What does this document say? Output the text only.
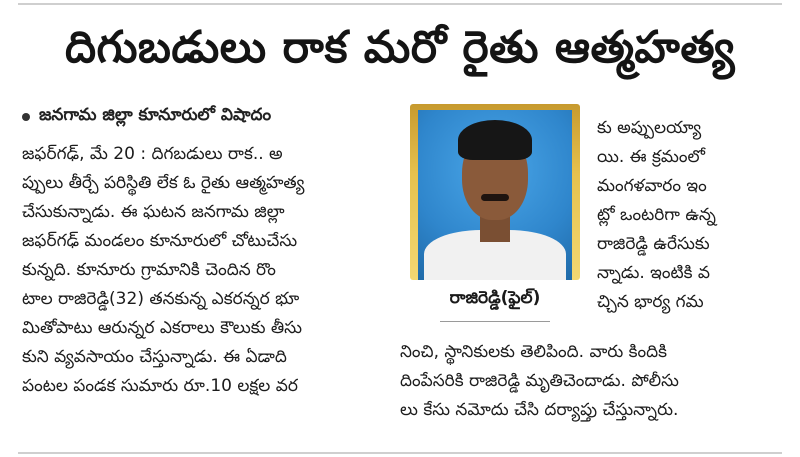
దిగుబడులు రాక మరో రైతు ఆత్మహత్య
జనగామ జిల్లా కూనూరులో విషాదం
జఫర్‌గఢ్, మే 20 : దిగబడులు రాక.. అ
ప్పులు తీర్చే పరిస్థితి లేక ఓ రైతు ఆత్మహత్య
చేసుకున్నాడు. ఈ ఘటన జనగామ జిల్లా
జఫర్‌గఢ్ మండలం కూనూరులో చోటుచేసు
కున్నది. కూనూరు గ్రామానికి చెందిన రొం
టాల రాజిరెడ్డి(32) తనకున్న ఎకరన్నర భూ
మితోపాటు ఆరున్నర ఎకరాలు కౌలుకు తీసు
కుని వ్యవసాయం చేస్తున్నాడు. ఈ ఏడాది
పంటల పండక సుమారు రూ.10 లక్షల వర
రాజిరెడ్డి(ఫైల్)
కు అప్పులయ్యా
యి. ఈ క్రమంలో
మంగళవారం ఇం
ట్లో ఒంటరిగా ఉన్న
రాజిరెడ్డి ఉరేసుకు
న్నాడు. ఇంటికి వ
చ్చిన భార్య గమ
నించి, స్థానికులకు తెలిపింది. వారు కిందికి
దింపేసరికి రాజిరెడ్డి మృతిచెందాడు. పోలీసు
లు కేసు నమోదు చేసి దర్యాప్తు చేస్తున్నారు.
